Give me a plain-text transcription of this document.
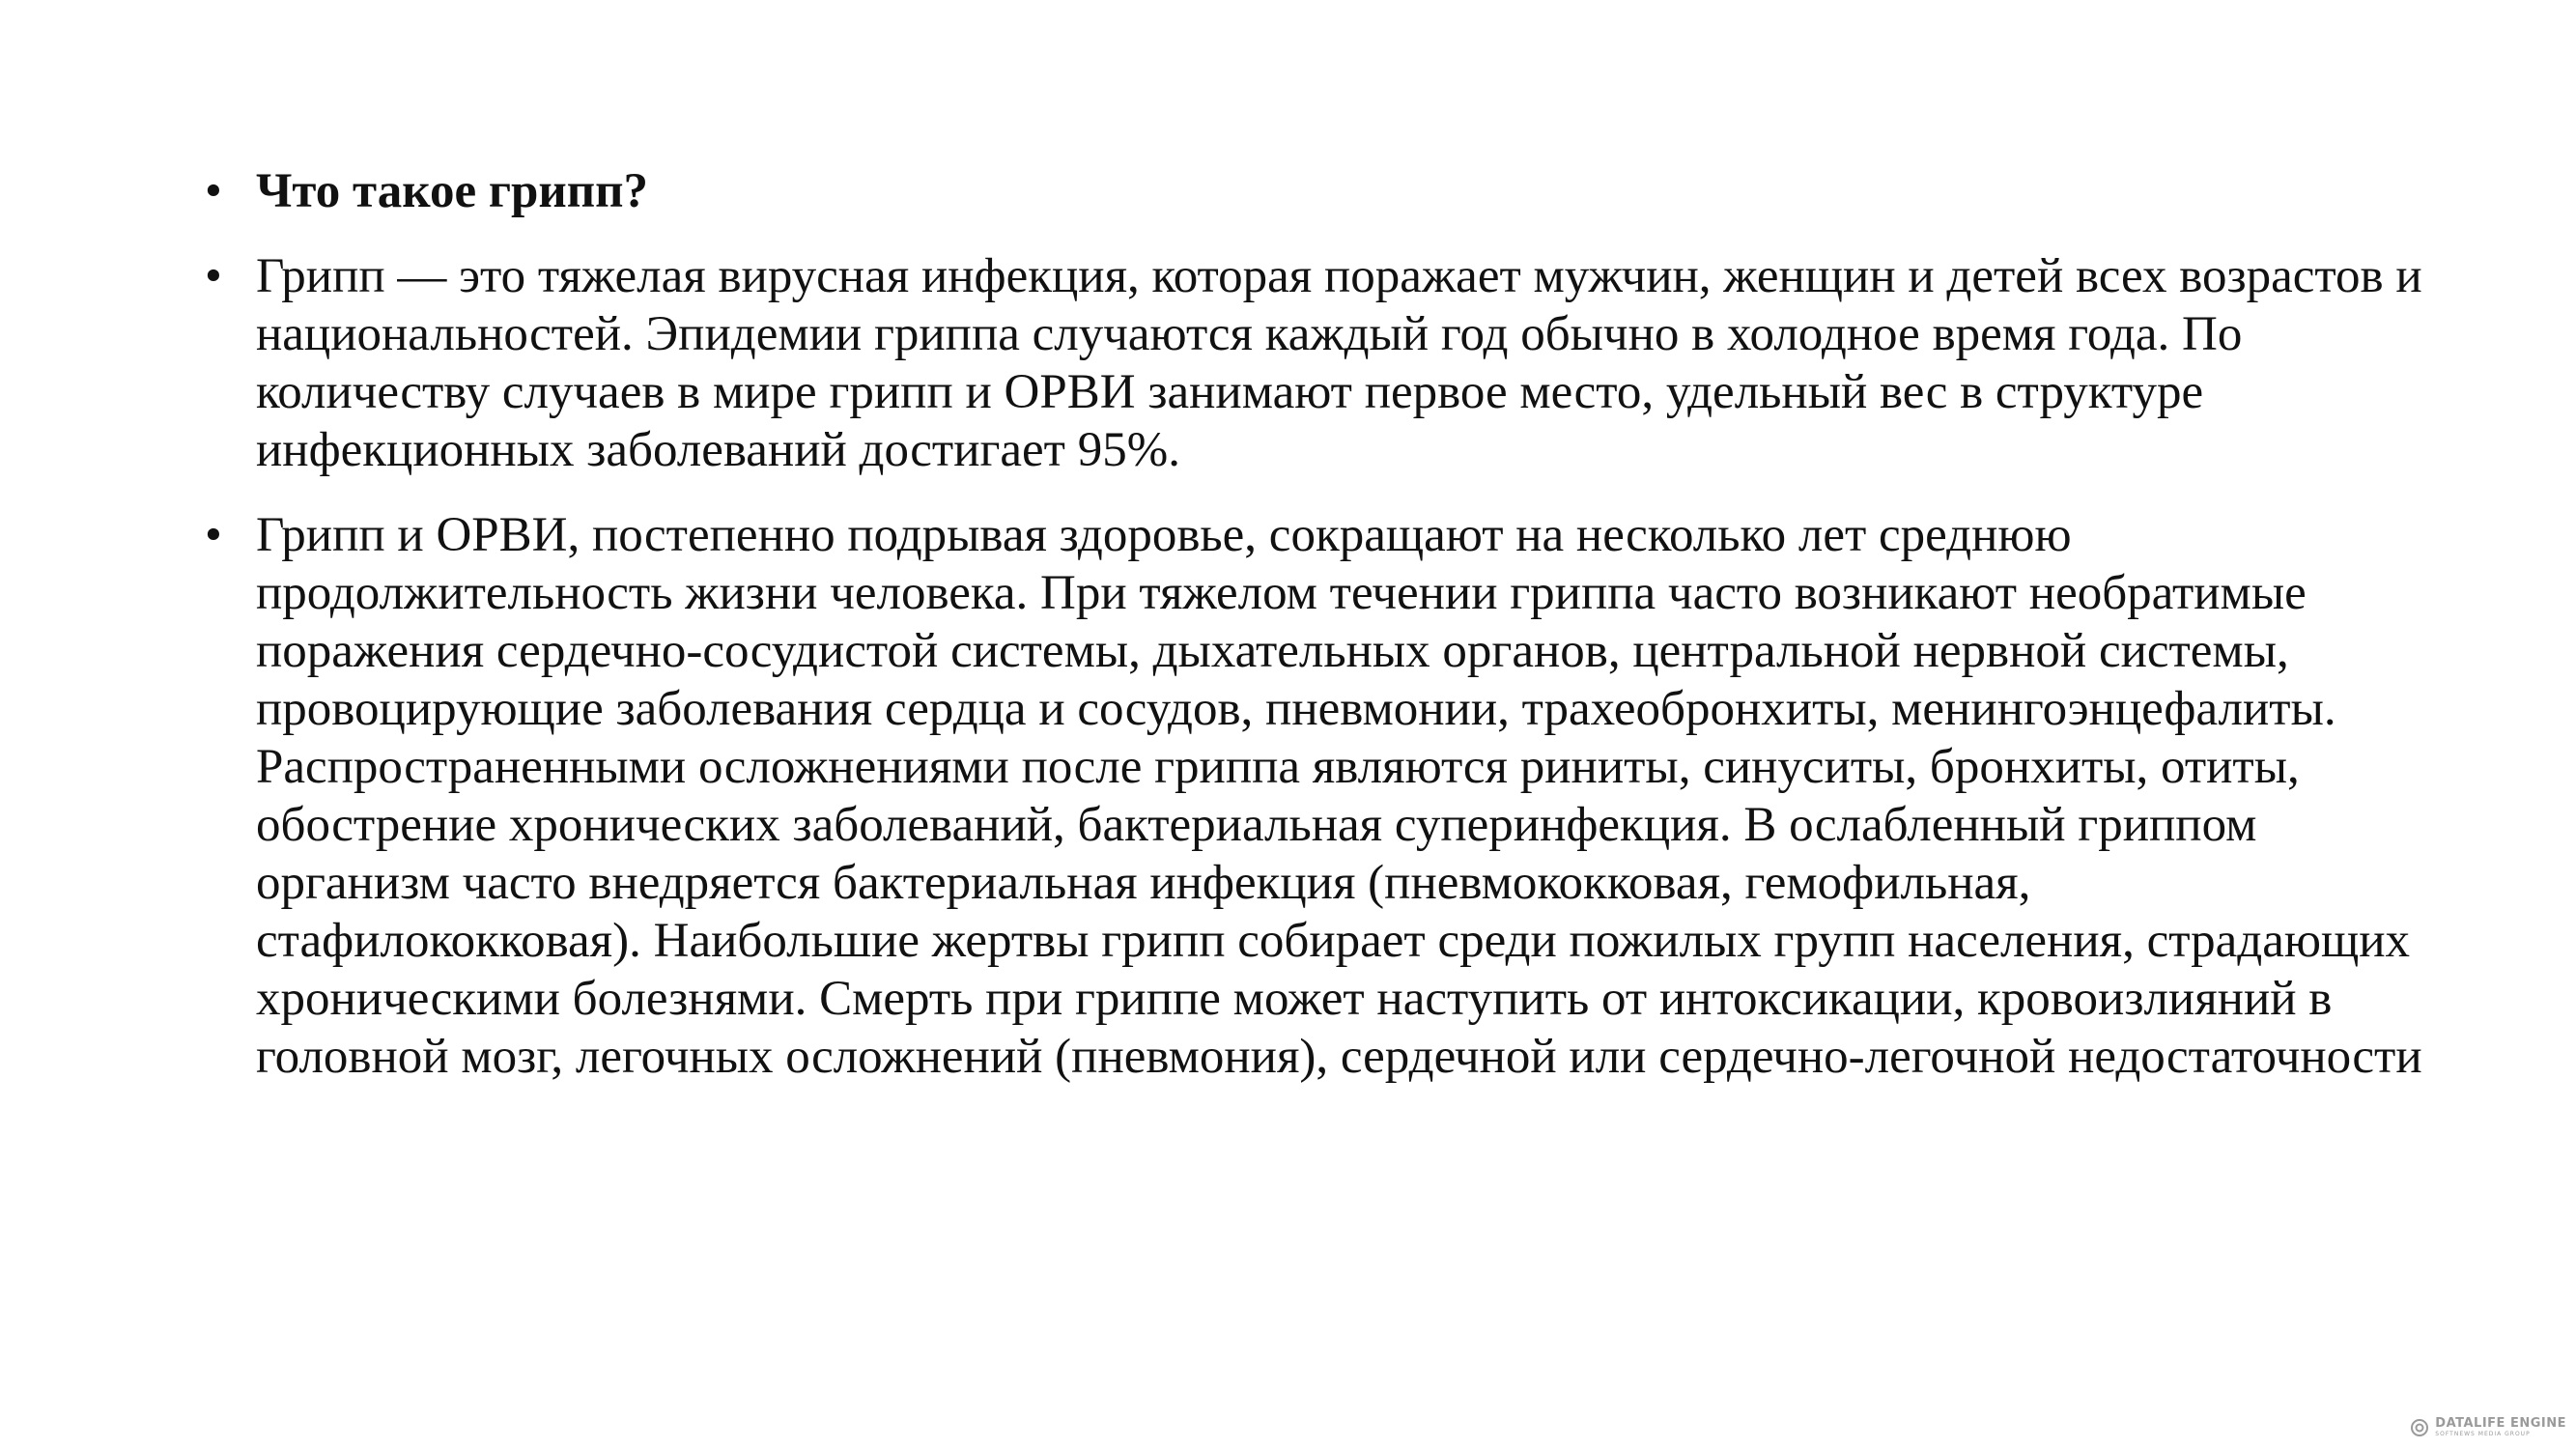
• Что такое грипп?
• Грипп — это тяжелая вирусная инфекция, которая поражает мужчин, женщин и детей всех возрастов и национальностей. Эпидемии гриппа случаются каждый год обычно в холодное время года. По количеству случаев в мире грипп и ОРВИ занимают первое место, удельный вес в структуре инфекционных заболеваний достигает 95%.
• Грипп и ОРВИ, постепенно подрывая здоровье, сокращают на несколько лет среднюю продолжительность жизни человека. При тяжелом течении гриппа часто возникают необратимые поражения сердечно-сосудистой системы, дыхательных органов, центральной нервной системы, провоцирующие заболевания сердца и сосудов, пневмонии, трахеобронхиты, менингоэнцефалиты. Распространенными осложнениями после гриппа являются риниты, синуситы, бронхиты, отиты, обострение хронических заболеваний, бактериальная суперинфекция. В ослабленный гриппом организм часто внедряется бактериальная инфекция (пневмококковая, гемофильная, стафилококковая). Наибольшие жертвы грипп собирает среди пожилых групп населения, страдающих хроническими болезнями. Смерть при гриппе может наступить от интоксикации, кровоизлияний в головной мозг, легочных осложнений (пневмония), сердечной или сердечно-легочной недостаточности
DATALIFE ENGINE
SOFTNEWS MEDIA GROUP
